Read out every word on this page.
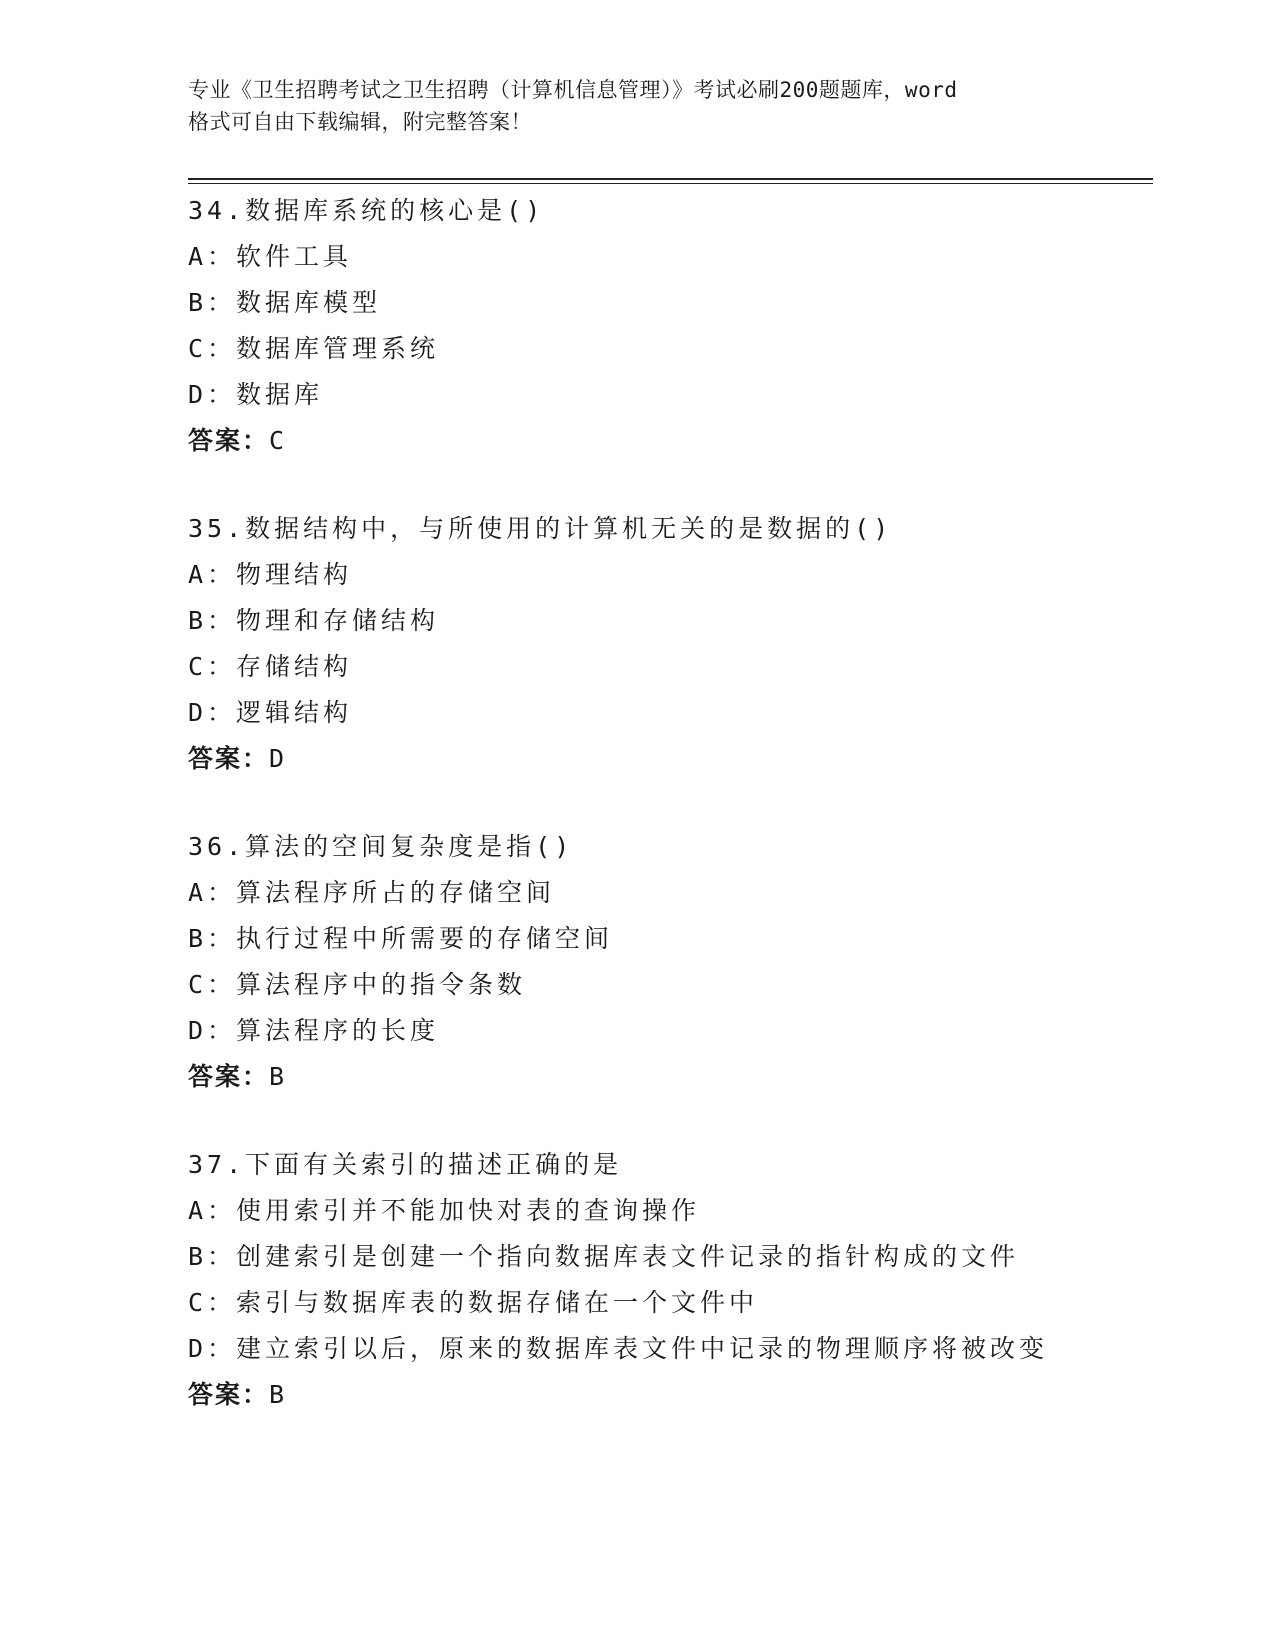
专业《卫生招聘考试之卫生招聘（计算机信息管理）》考试必刷200题题库，word
格式可自由下载编辑，附完整答案！
34.数据库系统的核心是()
A：软件工具
B：数据库模型
C：数据库管理系统
D：数据库
答案：C
35.数据结构中，与所使用的计算机无关的是数据的()
A：物理结构
B：物理和存储结构
C：存储结构
D：逻辑结构
答案：D
36.算法的空间复杂度是指()
A：算法程序所占的存储空间
B：执行过程中所需要的存储空间
C：算法程序中的指令条数
D：算法程序的长度
答案：B
37.下面有关索引的描述正确的是
A：使用索引并不能加快对表的查询操作
B：创建索引是创建一个指向数据库表文件记录的指针构成的文件
C：索引与数据库表的数据存储在一个文件中
D：建立索引以后，原来的数据库表文件中记录的物理顺序将被改变
答案：B
